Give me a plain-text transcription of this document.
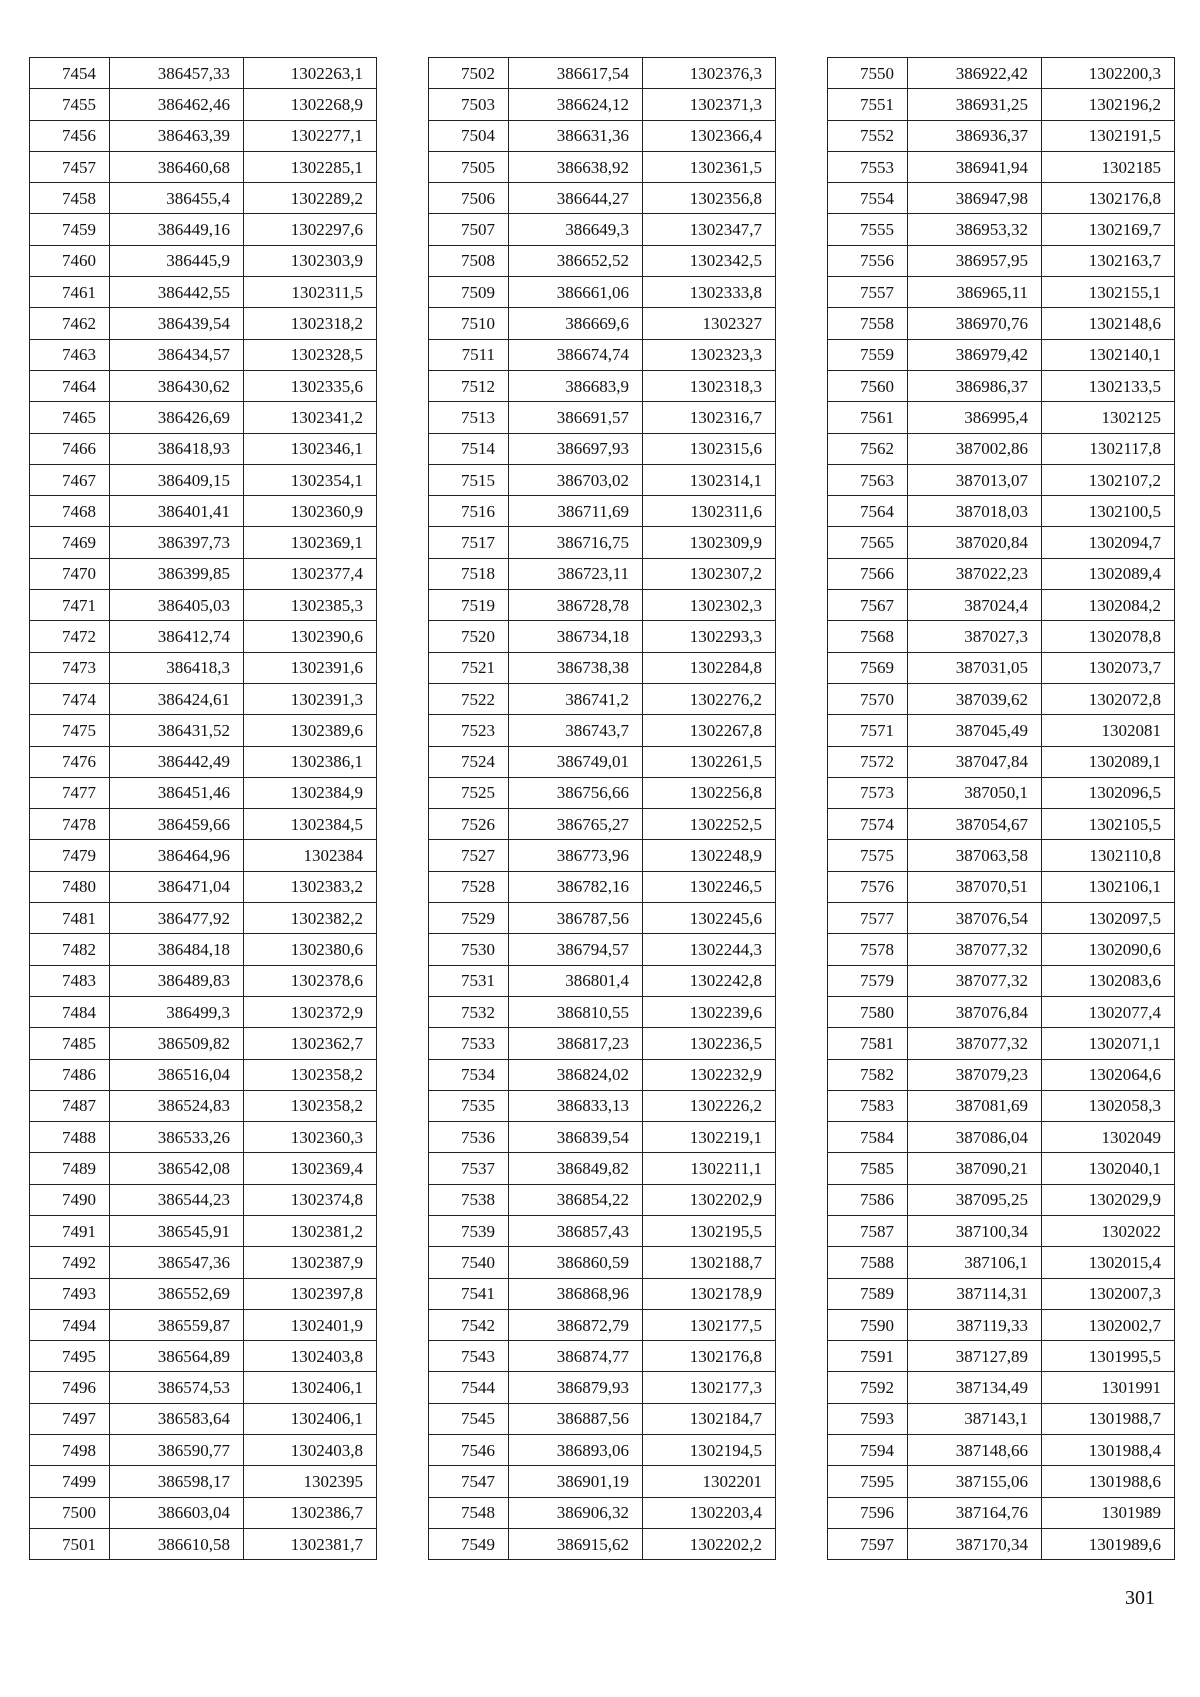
7454	386457,33	1302263,1
7455	386462,46	1302268,9
7456	386463,39	1302277,1
7457	386460,68	1302285,1
7458	386455,4	1302289,2
7459	386449,16	1302297,6
7460	386445,9	1302303,9
7461	386442,55	1302311,5
7462	386439,54	1302318,2
7463	386434,57	1302328,5
7464	386430,62	1302335,6
7465	386426,69	1302341,2
7466	386418,93	1302346,1
7467	386409,15	1302354,1
7468	386401,41	1302360,9
7469	386397,73	1302369,1
7470	386399,85	1302377,4
7471	386405,03	1302385,3
7472	386412,74	1302390,6
7473	386418,3	1302391,6
7474	386424,61	1302391,3
7475	386431,52	1302389,6
7476	386442,49	1302386,1
7477	386451,46	1302384,9
7478	386459,66	1302384,5
7479	386464,96	1302384
7480	386471,04	1302383,2
7481	386477,92	1302382,2
7482	386484,18	1302380,6
7483	386489,83	1302378,6
7484	386499,3	1302372,9
7485	386509,82	1302362,7
7486	386516,04	1302358,2
7487	386524,83	1302358,2
7488	386533,26	1302360,3
7489	386542,08	1302369,4
7490	386544,23	1302374,8
7491	386545,91	1302381,2
7492	386547,36	1302387,9
7493	386552,69	1302397,8
7494	386559,87	1302401,9
7495	386564,89	1302403,8
7496	386574,53	1302406,1
7497	386583,64	1302406,1
7498	386590,77	1302403,8
7499	386598,17	1302395
7500	386603,04	1302386,7
7501	386610,58	1302381,7
7502	386617,54	1302376,3
7503	386624,12	1302371,3
7504	386631,36	1302366,4
7505	386638,92	1302361,5
7506	386644,27	1302356,8
7507	386649,3	1302347,7
7508	386652,52	1302342,5
7509	386661,06	1302333,8
7510	386669,6	1302327
7511	386674,74	1302323,3
7512	386683,9	1302318,3
7513	386691,57	1302316,7
7514	386697,93	1302315,6
7515	386703,02	1302314,1
7516	386711,69	1302311,6
7517	386716,75	1302309,9
7518	386723,11	1302307,2
7519	386728,78	1302302,3
7520	386734,18	1302293,3
7521	386738,38	1302284,8
7522	386741,2	1302276,2
7523	386743,7	1302267,8
7524	386749,01	1302261,5
7525	386756,66	1302256,8
7526	386765,27	1302252,5
7527	386773,96	1302248,9
7528	386782,16	1302246,5
7529	386787,56	1302245,6
7530	386794,57	1302244,3
7531	386801,4	1302242,8
7532	386810,55	1302239,6
7533	386817,23	1302236,5
7534	386824,02	1302232,9
7535	386833,13	1302226,2
7536	386839,54	1302219,1
7537	386849,82	1302211,1
7538	386854,22	1302202,9
7539	386857,43	1302195,5
7540	386860,59	1302188,7
7541	386868,96	1302178,9
7542	386872,79	1302177,5
7543	386874,77	1302176,8
7544	386879,93	1302177,3
7545	386887,56	1302184,7
7546	386893,06	1302194,5
7547	386901,19	1302201
7548	386906,32	1302203,4
7549	386915,62	1302202,2
7550	386922,42	1302200,3
7551	386931,25	1302196,2
7552	386936,37	1302191,5
7553	386941,94	1302185
7554	386947,98	1302176,8
7555	386953,32	1302169,7
7556	386957,95	1302163,7
7557	386965,11	1302155,1
7558	386970,76	1302148,6
7559	386979,42	1302140,1
7560	386986,37	1302133,5
7561	386995,4	1302125
7562	387002,86	1302117,8
7563	387013,07	1302107,2
7564	387018,03	1302100,5
7565	387020,84	1302094,7
7566	387022,23	1302089,4
7567	387024,4	1302084,2
7568	387027,3	1302078,8
7569	387031,05	1302073,7
7570	387039,62	1302072,8
7571	387045,49	1302081
7572	387047,84	1302089,1
7573	387050,1	1302096,5
7574	387054,67	1302105,5
7575	387063,58	1302110,8
7576	387070,51	1302106,1
7577	387076,54	1302097,5
7578	387077,32	1302090,6
7579	387077,32	1302083,6
7580	387076,84	1302077,4
7581	387077,32	1302071,1
7582	387079,23	1302064,6
7583	387081,69	1302058,3
7584	387086,04	1302049
7585	387090,21	1302040,1
7586	387095,25	1302029,9
7587	387100,34	1302022
7588	387106,1	1302015,4
7589	387114,31	1302007,3
7590	387119,33	1302002,7
7591	387127,89	1301995,5
7592	387134,49	1301991
7593	387143,1	1301988,7
7594	387148,66	1301988,4
7595	387155,06	1301988,6
7596	387164,76	1301989
7597	387170,34	1301989,6
301
